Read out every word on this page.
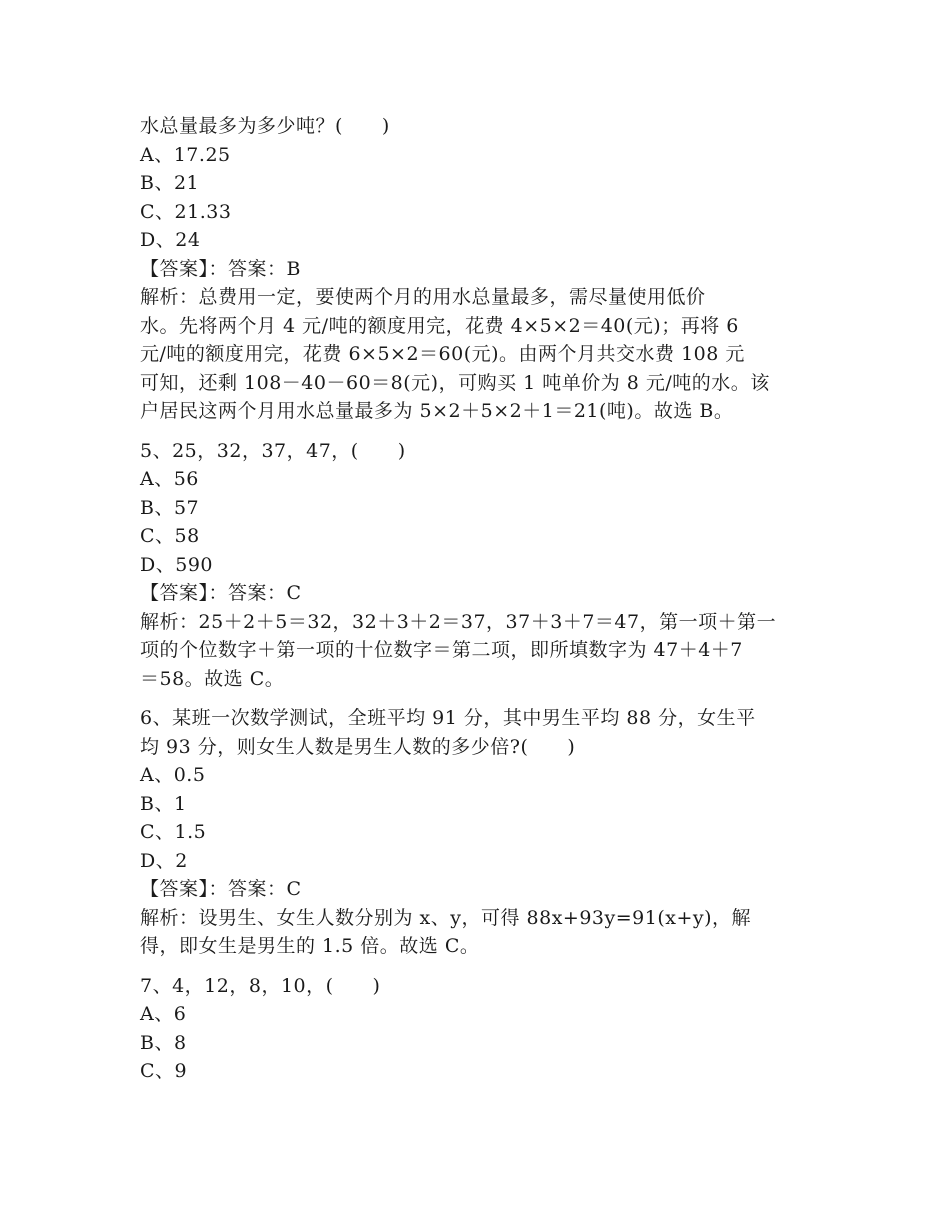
水总量最多为多少吨？(　　)
A、17.25
B、21
C、21.33
D、24
【答案】：答案：B
解析：总费用一定，要使两个月的用水总量最多，需尽量使用低价
水。先将两个月 4 元/吨的额度用完，花费 4×5×2＝40(元)；再将 6
元/吨的额度用完，花费 6×5×2＝60(元)。由两个月共交水费 108 元
可知，还剩 108－40－60＝8(元)，可购买 1 吨单价为 8 元/吨的水。该
户居民这两个月用水总量最多为 5×2＋5×2＋1＝21(吨)。故选 B。
5、25，32，37，47，(　　)
A、56
B、57
C、58
D、590
【答案】：答案：C
解析：25＋2＋5＝32，32＋3＋2＝37，37＋3＋7＝47，第一项＋第一
项的个位数字＋第一项的十位数字＝第二项，即所填数字为 47＋4＋7
＝58。故选 C。
6、某班一次数学测试，全班平均 91 分，其中男生平均 88 分，女生平
均 93 分，则女生人数是男生人数的多少倍?(　　)
A、0.5
B、1
C、1.5
D、2
【答案】：答案：C
解析：设男生、女生人数分别为 x、y，可得 88x+93y=91(x+y)，解
得，即女生是男生的 1.5 倍。故选 C。
7、4，12，8，10，(　　)
A、6
B、8
C、9
